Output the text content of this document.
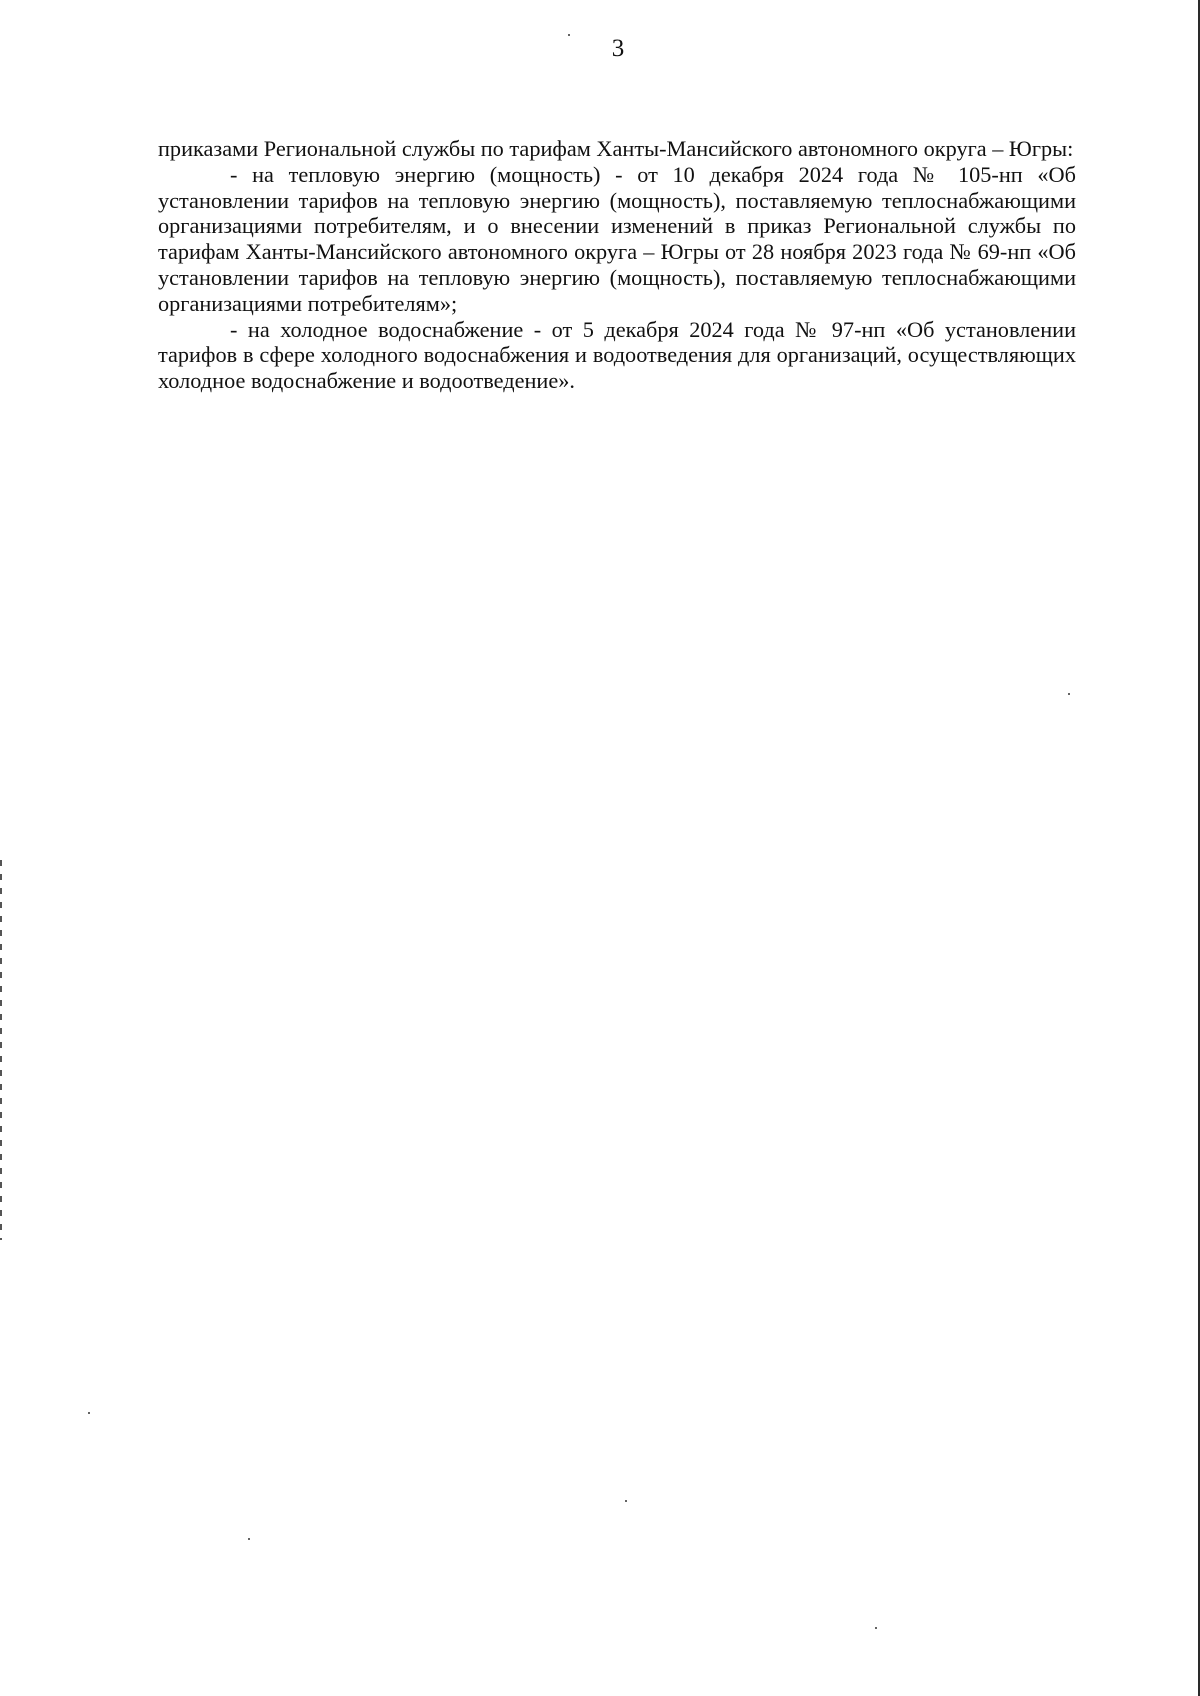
3

приказами Региональной службы по тарифам Ханты-Мансийского автономного округа – Югры:

- на тепловую энергию (мощность) - от 10 декабря 2024 года № 105-нп «Об установлении тарифов на тепловую энергию (мощность), поставляемую теплоснабжающими организациями потребителям, и о внесении изменений в приказ Региональной службы по тарифам Ханты-Мансийского автономного округа – Югры от 28 ноября 2023 года № 69-нп «Об установлении тарифов на тепловую энергию (мощность), поставляемую теплоснабжающими организациями потребителям»;

- на холодное водоснабжение - от 5 декабря 2024 года № 97-нп «Об установлении тарифов в сфере холодного водоснабжения и водоотведения для организаций, осуществляющих холодное водоснабжение и водоотведение».
